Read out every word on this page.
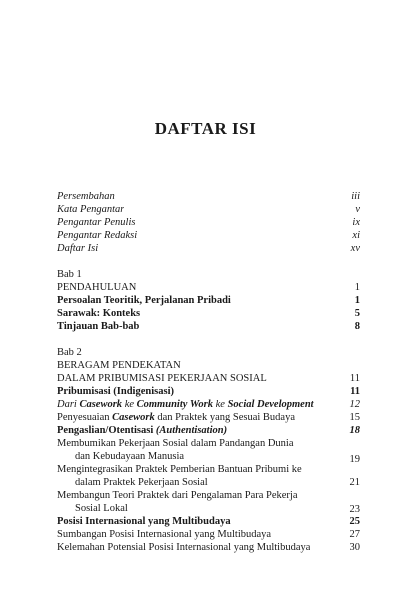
DAFTAR ISI
Persembahan	iii
Kata Pengantar	v
Pengantar Penulis	ix
Pengantar Redaksi	xi
Daftar Isi	xv
Bab 1
PENDAHULUAN	1
Persoalan Teoritik, Perjalanan Pribadi	1
Sarawak: Konteks	5
Tinjauan Bab-bab	8
Bab 2
BERAGAM PENDEKATAN
DALAM PRIBUMISASI PEKERJAAN SOSIAL	11
Pribumisasi (Indigenisasi)	11
Dari Casework ke Community Work ke Social Development	12
Penyesuaian Casework dan Praktek yang Sesuai Budaya	15
Pengaslian/Otentisasi (Authentisation)	18
Membumikan Pekerjaan Sosial dalam Pandangan Dunia
dan Kebudayaan Manusia	19
Mengintegrasikan Praktek Pemberian Bantuan Pribumi ke
dalam Praktek Pekerjaan Sosial	21
Membangun Teori Praktek dari Pengalaman Para Pekerja
Sosial Lokal	23
Posisi Internasional yang Multibudaya	25
Sumbangan Posisi Internasional yang Multibudaya	27
Kelemahan Potensial Posisi Internasional yang Multibudaya	30
